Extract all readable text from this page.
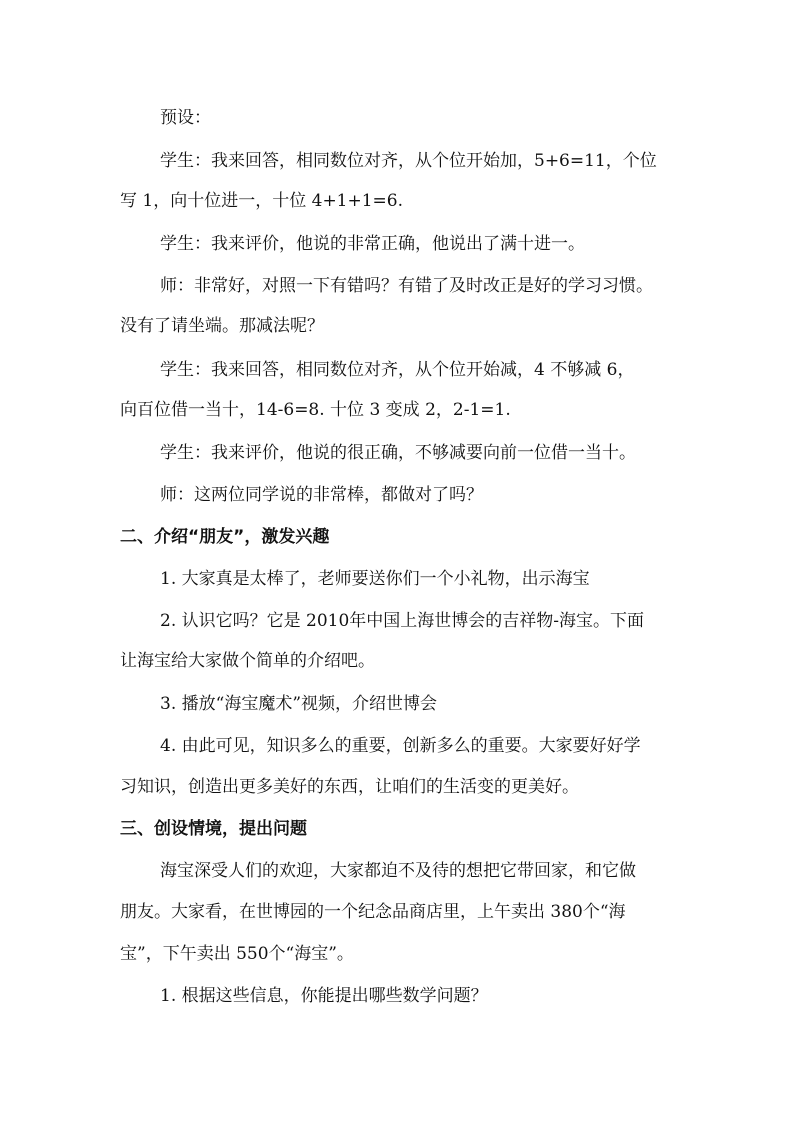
预设：
学生：我来回答，相同数位对齐，从个位开始加，5+6=11，个位
写 1，向十位进一，十位 4+1+1=6.
学生：我来评价，他说的非常正确，他说出了满十进一。
师：非常好，对照一下有错吗？有错了及时改正是好的学习习惯。
没有了请坐端。那减法呢？
学生：我来回答，相同数位对齐，从个位开始减，4 不够减 6，
向百位借一当十，14-6=8. 十位 3 变成 2，2-1=1.
学生：我来评价，他说的很正确，不够减要向前一位借一当十。
师：这两位同学说的非常棒，都做对了吗？
二、介绍“朋友”，激发兴趣
1. 大家真是太棒了，老师要送你们一个小礼物，出示海宝
2. 认识它吗？它是 2010年中国上海世博会的吉祥物-海宝。下面
让海宝给大家做个简单的介绍吧。
3. 播放“海宝魔术”视频，介绍世博会
4. 由此可见，知识多么的重要，创新多么的重要。大家要好好学
习知识，创造出更多美好的东西，让咱们的生活变的更美好。
三、创设情境，提出问题
海宝深受人们的欢迎，大家都迫不及待的想把它带回家，和它做
朋友。大家看，在世博园的一个纪念品商店里，上午卖出 380个“海
宝”，下午卖出 550个“海宝”。
1. 根据这些信息，你能提出哪些数学问题？
